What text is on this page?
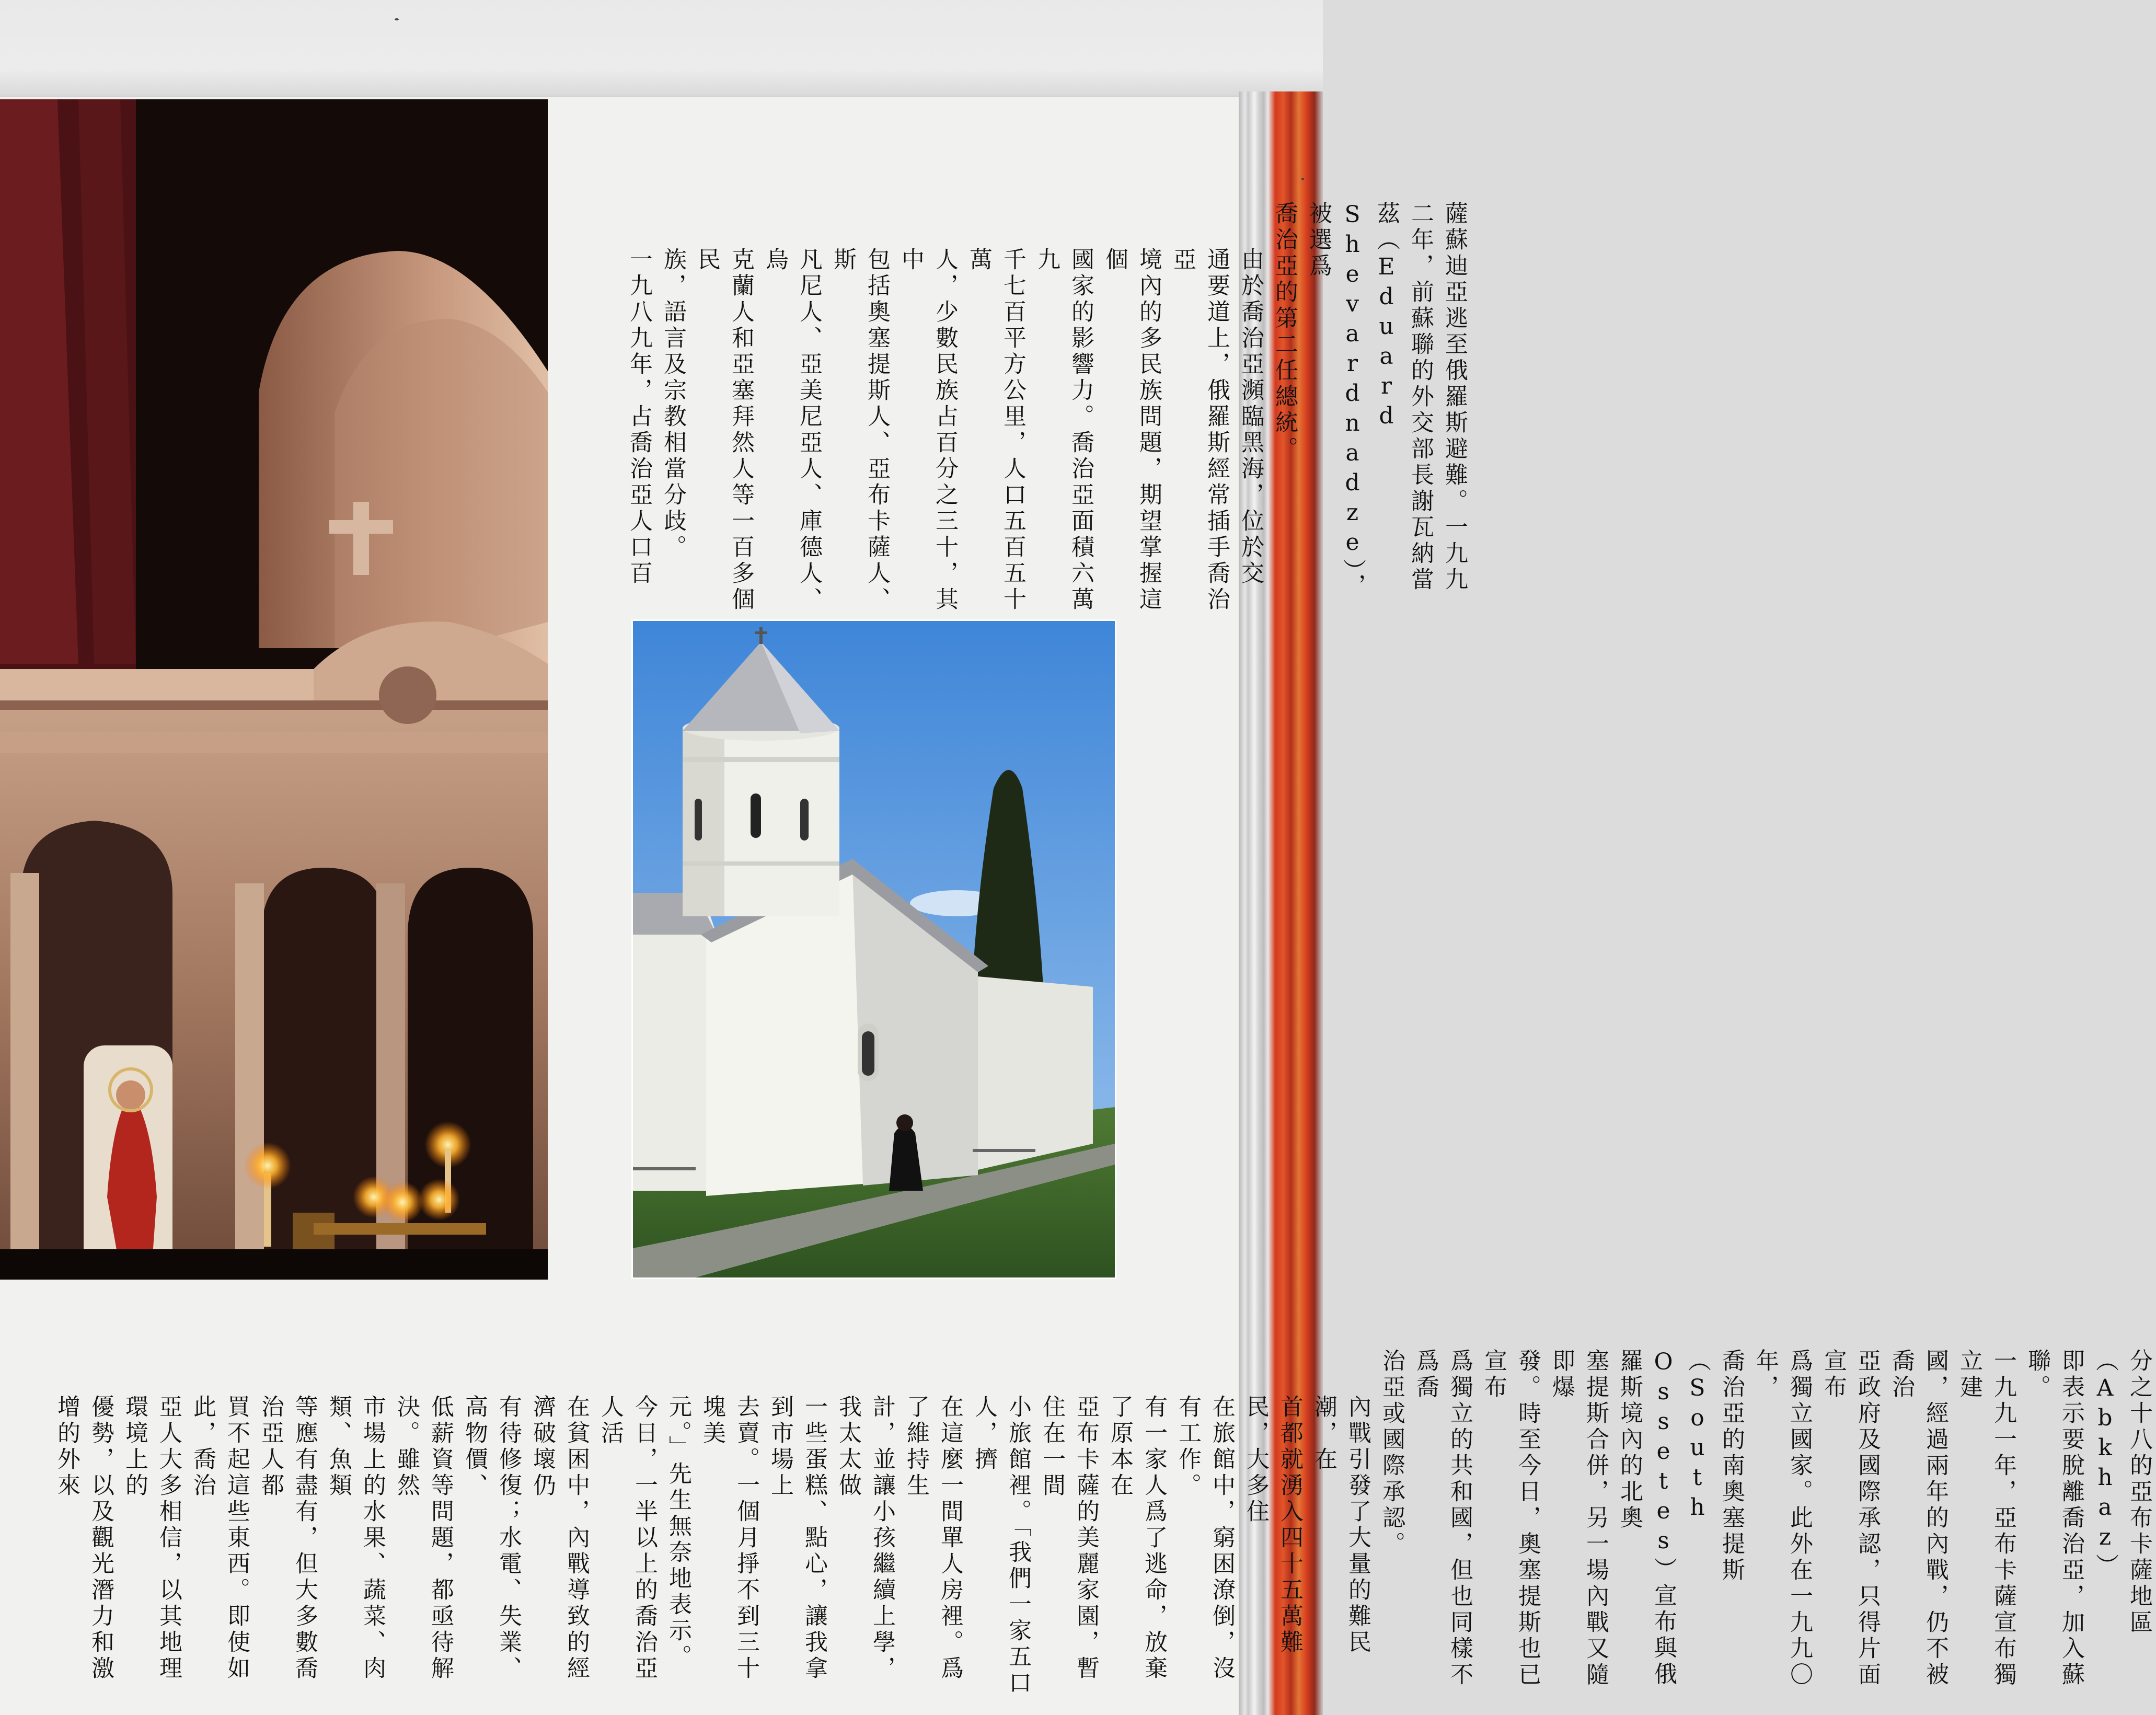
薩蘇迪亞逃至俄羅斯避難。一九九
二年，前蘇聯的外交部長謝瓦納當
茲（Eduard Shevardnadze），被選爲
喬治亞的第二任總統。

由於喬治亞瀕臨黑海，位於交
通要道上，俄羅斯經常插手喬治亞
境內的多民族問題，期望掌握這個
國家的影響力。喬治亞面積六萬九
千七百平方公里，人口五百五十萬
人，少數民族占百分之三十，其中
包括奧塞提斯人、亞布卡薩人、斯
凡尼人、亞美尼亞人、庫德人、烏
克蘭人和亞塞拜然人等一百多個民
族，語言及宗教相當分歧。

一九八九年，占喬治亞人口百

分之十八的亞布卡薩地區（Abkhaz）
即表示要脫離喬治亞，加入蘇聯。
一九九一年，亞布卡薩宣布獨立建
國，經過兩年的內戰，仍不被喬治
亞政府及國際承認，只得片面宣布
爲獨立國家。此外在一九九〇年，
喬治亞的南奧塞提斯（South
Ossetes）宣布與俄羅斯境內的北奧
塞提斯合併，另一場內戰又隨即爆
發。時至今日，奧塞提斯也已宣布
爲獨立的共和國，但也同樣不爲喬
治亞或國際承認。

內戰引發了大量的難民潮，在
首都就湧入四十五萬難民，大多住
在旅館中，窮困潦倒，沒有工作。
有一家人爲了逃命，放棄了原本在
亞布卡薩的美麗家園，暫住在一間
小旅館裡。「我們一家五口人，擠
在這麼一間單人房裡。爲了維持生
計，並讓小孩繼續上學，我太太做
一些蛋糕、點心，讓我拿到市場上
去賣。一個月掙不到三十塊美
元。」先生無奈地表示。

今日，一半以上的喬治亞人活
在貧困中，內戰導致的經濟破壞仍
有待修復；水電、失業、高物價、
低薪資等問題，都亟待解決。雖然
市場上的水果、蔬菜、肉類、魚類
等應有盡有，但大多數喬治亞人都
買不起這些東西。即使如此，喬治
亞人大多相信，以其地理環境上的
優勢，以及觀光潛力和激增的外來
